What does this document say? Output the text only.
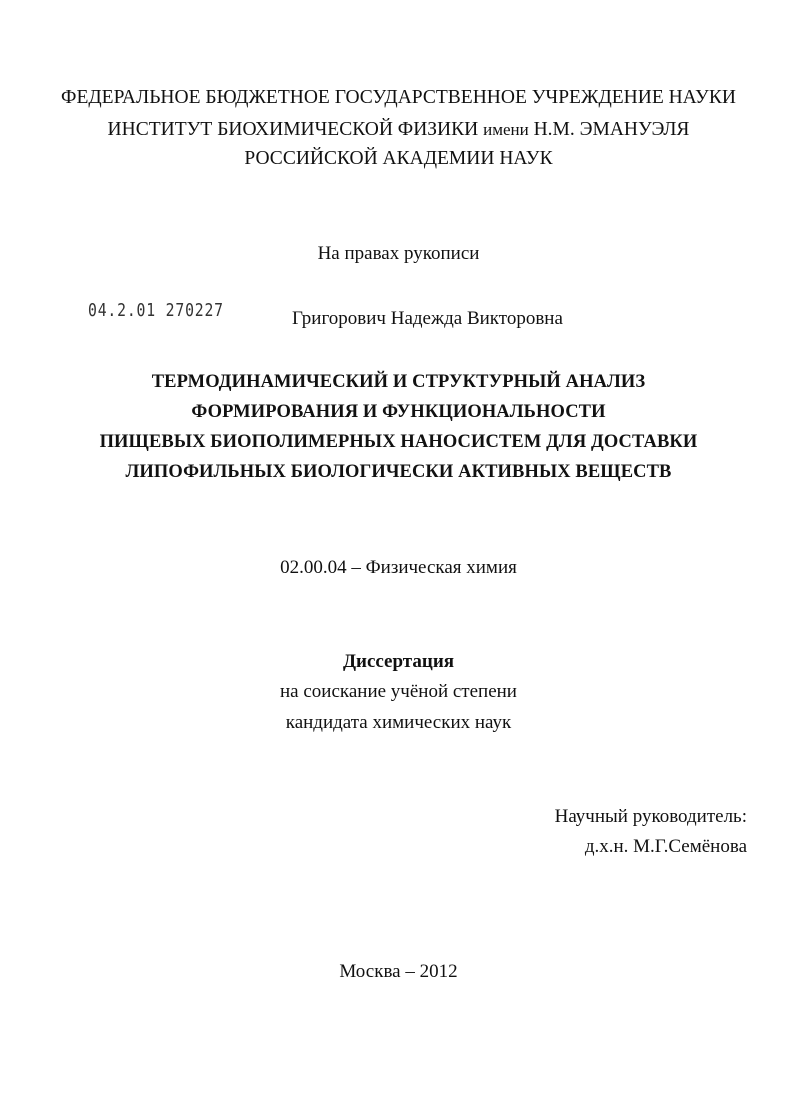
ФЕДЕРАЛЬНОЕ БЮДЖЕТНОЕ ГОСУДАРСТВЕННОЕ УЧРЕЖДЕНИЕ НАУКИ
ИНСТИТУТ БИОХИМИЧЕСКОЙ ФИЗИКИ имени Н.М. ЭМАНУЭЛЯ
РОССИЙСКОЙ АКАДЕМИИ НАУК
На правах рукописи
04.2.01 270227	Григорович Надежда Викторовна
ТЕРМОДИНАМИЧЕСКИЙ И СТРУКТУРНЫЙ АНАЛИЗ
ФОРМИРОВАНИЯ И ФУНКЦИОНАЛЬНОСТИ
ПИЩЕВЫХ БИОПОЛИМЕРНЫХ НАНОСИСТЕМ ДЛЯ ДОСТАВКИ
ЛИПОФИЛЬНЫХ БИОЛОГИЧЕСКИ АКТИВНЫХ ВЕЩЕСТВ
02.00.04 – Физическая химия
Диссертация
на соискание учёной степени
кандидата химических наук
Научный руководитель:
д.х.н. М.Г.Семёнова
Москва – 2012
